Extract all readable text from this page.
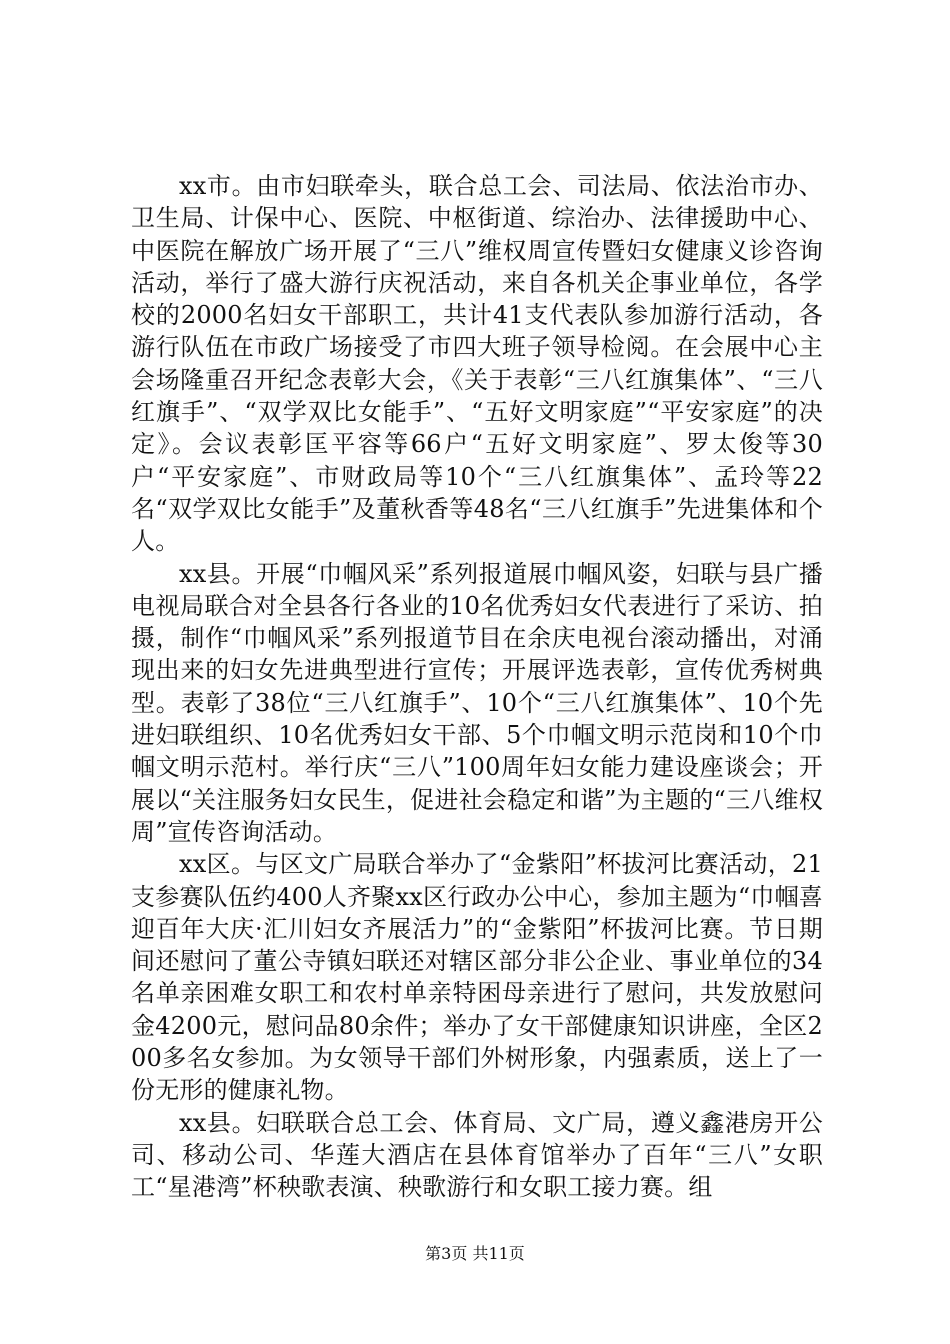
xx市。由市妇联牵头，联合总工会、司法局、依法治市办、卫生局、计保中心、医院、中枢街道、综治办、法律援助中心、中医院在解放广场开展了“三八”维权周宣传暨妇女健康义诊咨询活动，举行了盛大游行庆祝活动，来自各机关企事业单位，各学校的2000名妇女干部职工，共计41支代表队参加游行活动，各游行队伍在市政广场接受了市四大班子领导检阅。在会展中心主会场隆重召开纪念表彰大会，《关于表彰“三八红旗集体”、“三八红旗手”、“双学双比女能手”、“五好文明家庭”“平安家庭”的决定》。会议表彰匡平容等66户“五好文明家庭”、罗太俊等30户“平安家庭”、市财政局等10个“三八红旗集体”、孟玲等22名“双学双比女能手”及董秋香等48名“三八红旗手”先进集体和个人。

xx县。开展“巾帼风采”系列报道展巾帼风姿，妇联与县广播电视局联合对全县各行各业的10名优秀妇女代表进行了采访、拍摄，制作“巾帼风采”系列报道节目在余庆电视台滚动播出，对涌现出来的妇女先进典型进行宣传；开展评选表彰，宣传优秀树典型。表彰了38位“三八红旗手”、10个“三八红旗集体”、10个先进妇联组织、10名优秀妇女干部、5个巾帼文明示范岗和10个巾帼文明示范村。举行庆“三八”100周年妇女能力建设座谈会；开展以“关注服务妇女民生，促进社会稳定和谐”为主题的“三八维权周”宣传咨询活动。

xx区。与区文广局联合举办了“金紫阳”杯拔河比赛活动，21支参赛队伍约400人齐聚xx区行政办公中心，参加主题为“巾帼喜迎百年大庆·汇川妇女齐展活力”的“金紫阳”杯拔河比赛。节日期间还慰问了董公寺镇妇联还对辖区部分非公企业、事业单位的34名单亲困难女职工和农村单亲特困母亲进行了慰问，共发放慰问金4200元，慰问品80余件；举办了女干部健康知识讲座，全区200多名女参加。为女领导干部们外树形象，内强素质，送上了一份无形的健康礼物。

xx县。妇联联合总工会、体育局、文广局，遵义鑫港房开公司、移动公司、华莲大酒店在县体育馆举办了百年“三八”女职工“星港湾”杯秧歌表演、秧歌游行和女职工接力赛。组

第3页 共11页
